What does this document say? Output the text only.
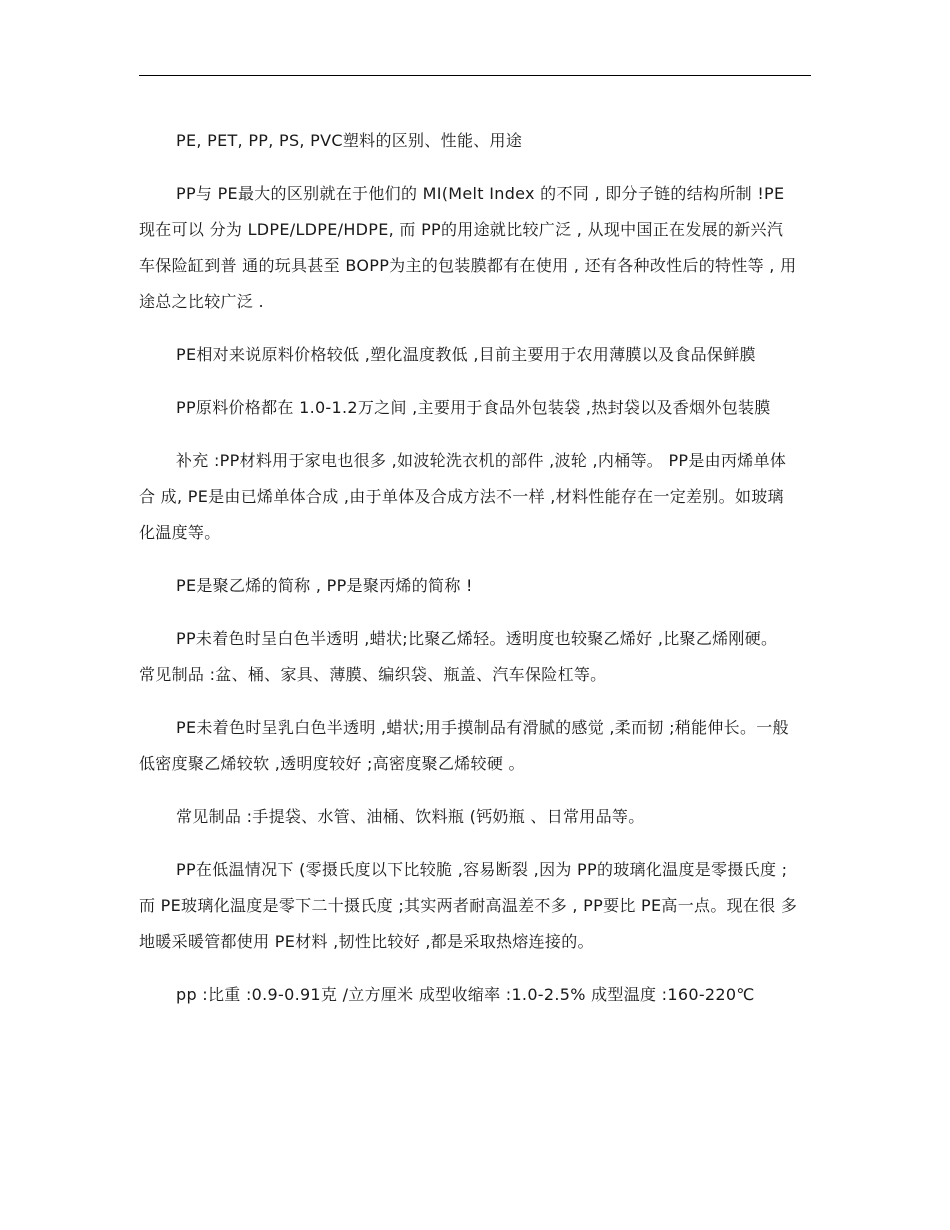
PE, PET, PP, PS, PVC塑料的区别、性能、用途

PP与 PE最大的区别就在于他们的 MI(Melt Index 的不同 , 即分子链的结构所制 !PE现在可以 分为 LDPE/LDPE/HDPE, 而 PP的用途就比较广泛 , 从现中国正在发展的新兴汽车保险缸到普 通的玩具甚至 BOPP为主的包装膜都有在使用 , 还有各种改性后的特性等 , 用途总之比较广泛 .

PE相对来说原料价格较低 ,塑化温度教低 ,目前主要用于农用薄膜以及食品保鲜膜

PP原料价格都在 1.0-1.2万之间 ,主要用于食品外包装袋 ,热封袋以及香烟外包装膜

补充 :PP材料用于家电也很多 ,如波轮洗衣机的部件 ,波轮 ,内桶等。 PP是由丙烯单体合 成, PE是由已烯单体合成 ,由于单体及合成方法不一样 ,材料性能存在一定差别。如玻璃 化温度等。

PE是聚乙烯的简称 , PP是聚丙烯的简称 !

PP未着色时呈白色半透明 ,蜡状;比聚乙烯轻。透明度也较聚乙烯好 ,比聚乙烯刚硬。 常见制品 :盆、桶、家具、薄膜、编织袋、瓶盖、汽车保险杠等。

PE未着色时呈乳白色半透明 ,蜡状;用手摸制品有滑腻的感觉 ,柔而韧 ;稍能伸长。一般 低密度聚乙烯较软 ,透明度较好 ;高密度聚乙烯较硬 。

常见制品 :手提袋、水管、油桶、饮料瓶 (钙奶瓶 、日常用品等。

PP在低温情况下 (零摄氏度以下比较脆 ,容易断裂 ,因为 PP的玻璃化温度是零摄氏度 ; 而 PE玻璃化温度是零下二十摄氏度 ;其实两者耐高温差不多 , PP要比 PE高一点。现在很 多地暖采暖管都使用 PE材料 ,韧性比较好 ,都是采取热熔连接的。

pp :比重 :0.9-0.91克 /立方厘米 成型收缩率 :1.0-2.5% 成型温度 :160-220℃
